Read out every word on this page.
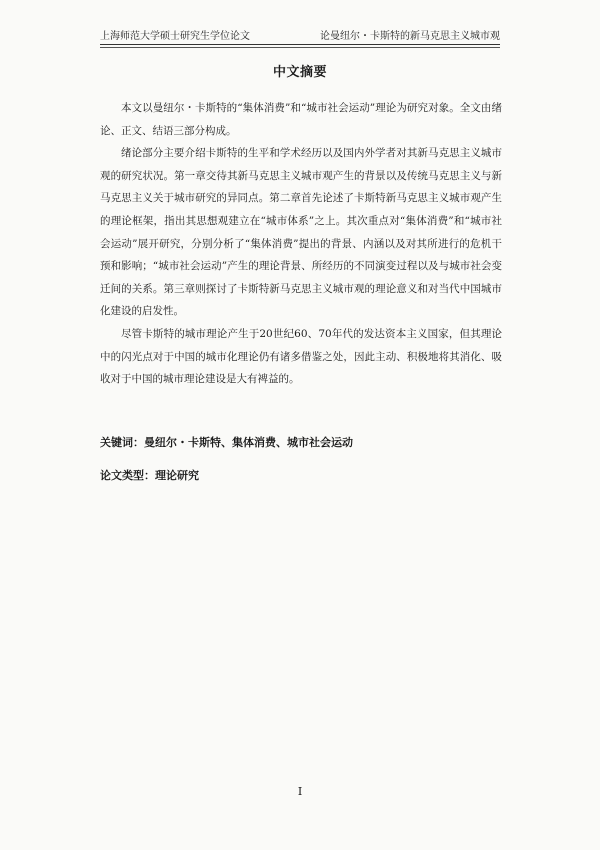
上海师范大学硕士研究生学位论文	论曼纽尔・卡斯特的新马克思主义城市观
中文摘要

本文以曼纽尔・卡斯特的“集体消费”和“城市社会运动”理论为研究对象。全文由绪论、正文、结语三部分构成。

绪论部分主要介绍卡斯特的生平和学术经历以及国内外学者对其新马克思主义城市观的研究状况。第一章交待其新马克思主义城市观产生的背景以及传统马克思主义与新马克思主义关于城市研究的异同点。第二章首先论述了卡斯特新马克思主义城市观产生的理论框架，指出其思想观建立在“城市体系”之上。其次重点对“集体消费”和“城市社会运动”展开研究，分别分析了“集体消费”提出的背景、内涵以及对其所进行的危机干预和影响；“城市社会运动”产生的理论背景、所经历的不同演变过程以及与城市社会变迁间的关系。第三章则探讨了卡斯特新马克思主义城市观的理论意义和对当代中国城市化建设的启发性。

尽管卡斯特的城市理论产生于20世纪60、70年代的发达资本主义国家，但其理论中的闪光点对于中国的城市化理论仍有诸多借鉴之处，因此主动、积极地将其消化、吸收对于中国的城市理论建设是大有裨益的。

关键词：曼纽尔・卡斯特、集体消费、城市社会运动
论文类型：理论研究
I
